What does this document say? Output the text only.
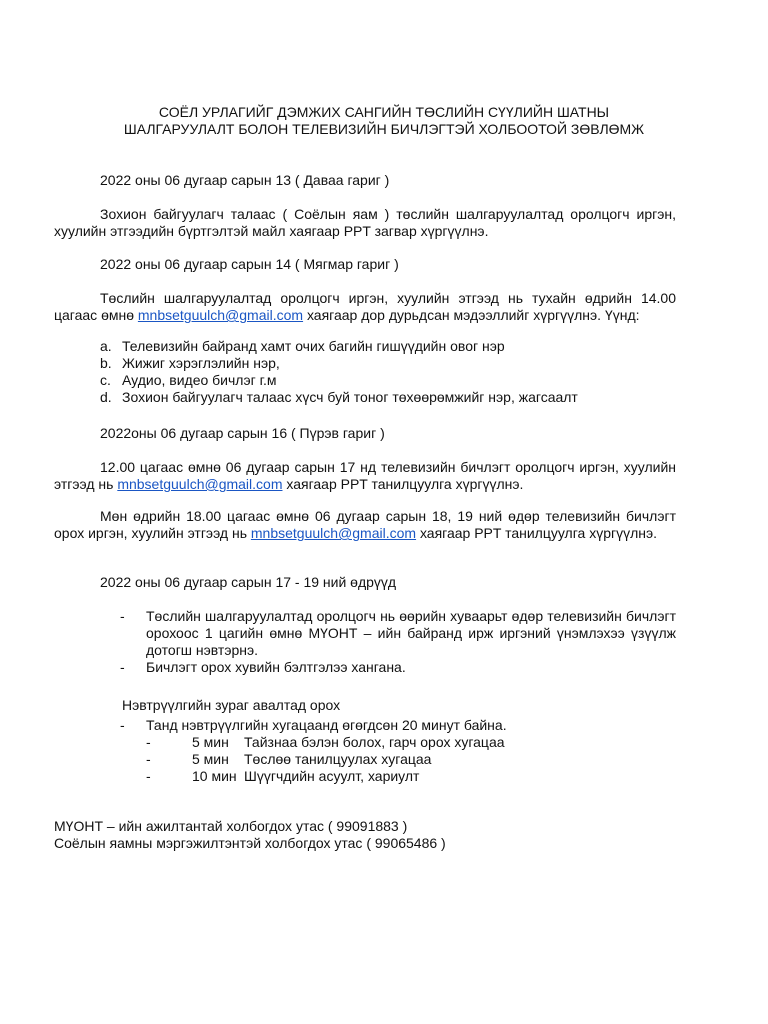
СОЁЛ УРЛАГИЙГ ДЭМЖИХ САНГИЙН ТӨСЛИЙН СҮҮЛИЙН ШАТНЫ
ШАЛГАРУУЛАЛТ БОЛОН ТЕЛЕВИЗИЙН БИЧЛЭГТЭЙ ХОЛБООТОЙ ЗӨВЛӨМЖ
2022 оны 06 дугаар сарын 13 ( Даваа гариг )
Зохион байгуулагч талаас ( Соёлын яам ) төслийн шалгаруулалтад оролцогч иргэн, хуулийн этгээдийн бүртгэлтэй майл хаягаар PPT загвар хүргүүлнэ.
2022 оны 06 дугаар сарын 14 ( Мягмар гариг )
Төслийн шалгаруулалтад оролцогч иргэн, хуулийн этгээд нь тухайн өдрийн 14.00 цагаас өмнө mnbsetguulch@gmail.com хаягаар дор дурьдсан мэдээллийг хүргүүлнэ. Үүнд:
a. Телевизийн байранд хамт очих багийн гишүүдийн овог нэр
b. Жижиг хэрэглэлийн нэр,
c. Аудио, видео бичлэг г.м
d. Зохион байгуулагч талаас хүсч буй тоног төхөөрөмжийг нэр, жагсаалт
2022оны 06 дугаар сарын 16 ( Пүрэв гариг )
12.00 цагаас өмнө 06 дугаар сарын 17 нд телевизийн бичлэгт оролцогч иргэн, хуулийн этгээд нь mnbsetguulch@gmail.com хаягаар PPT танилцуулга хүргүүлнэ.
Мөн өдрийн 18.00 цагаас өмнө 06 дугаар сарын 18, 19 ний өдөр телевизийн бичлэгт орох иргэн, хуулийн этгээд нь mnbsetguulch@gmail.com хаягаар PPT танилцуулга хүргүүлнэ.
2022 оны 06 дугаар сарын 17 - 19 ний өдрүүд
- Төслийн шалгаруулалтад оролцогч нь өөрийн хуваарьт өдөр телевизийн бичлэгт орохоос 1 цагийн өмнө МҮОНТ – ийн байранд ирж иргэний үнэмлэхээ үзүүлж дотогш нэвтэрнэ.
- Бичлэгт орох хувийн бэлтгэлээ хангана.
Нэвтрүүлгийн зураг авалтад орох
- Танд нэвтрүүлгийн хугацаанд өгөгдсөн 20 минут байна.
-	5 мин Тайзнаа бэлэн болох, гарч орох хугацаа
-	5 мин Төслөө танилцуулах хугацаа
-	10 мин Шүүгчдийн асуулт, хариулт
МҮОНТ – ийн ажилтантай холбогдох утас ( 99091883 )
Соёлын яамны мэргэжилтэнтэй холбогдох утас ( 99065486 )
